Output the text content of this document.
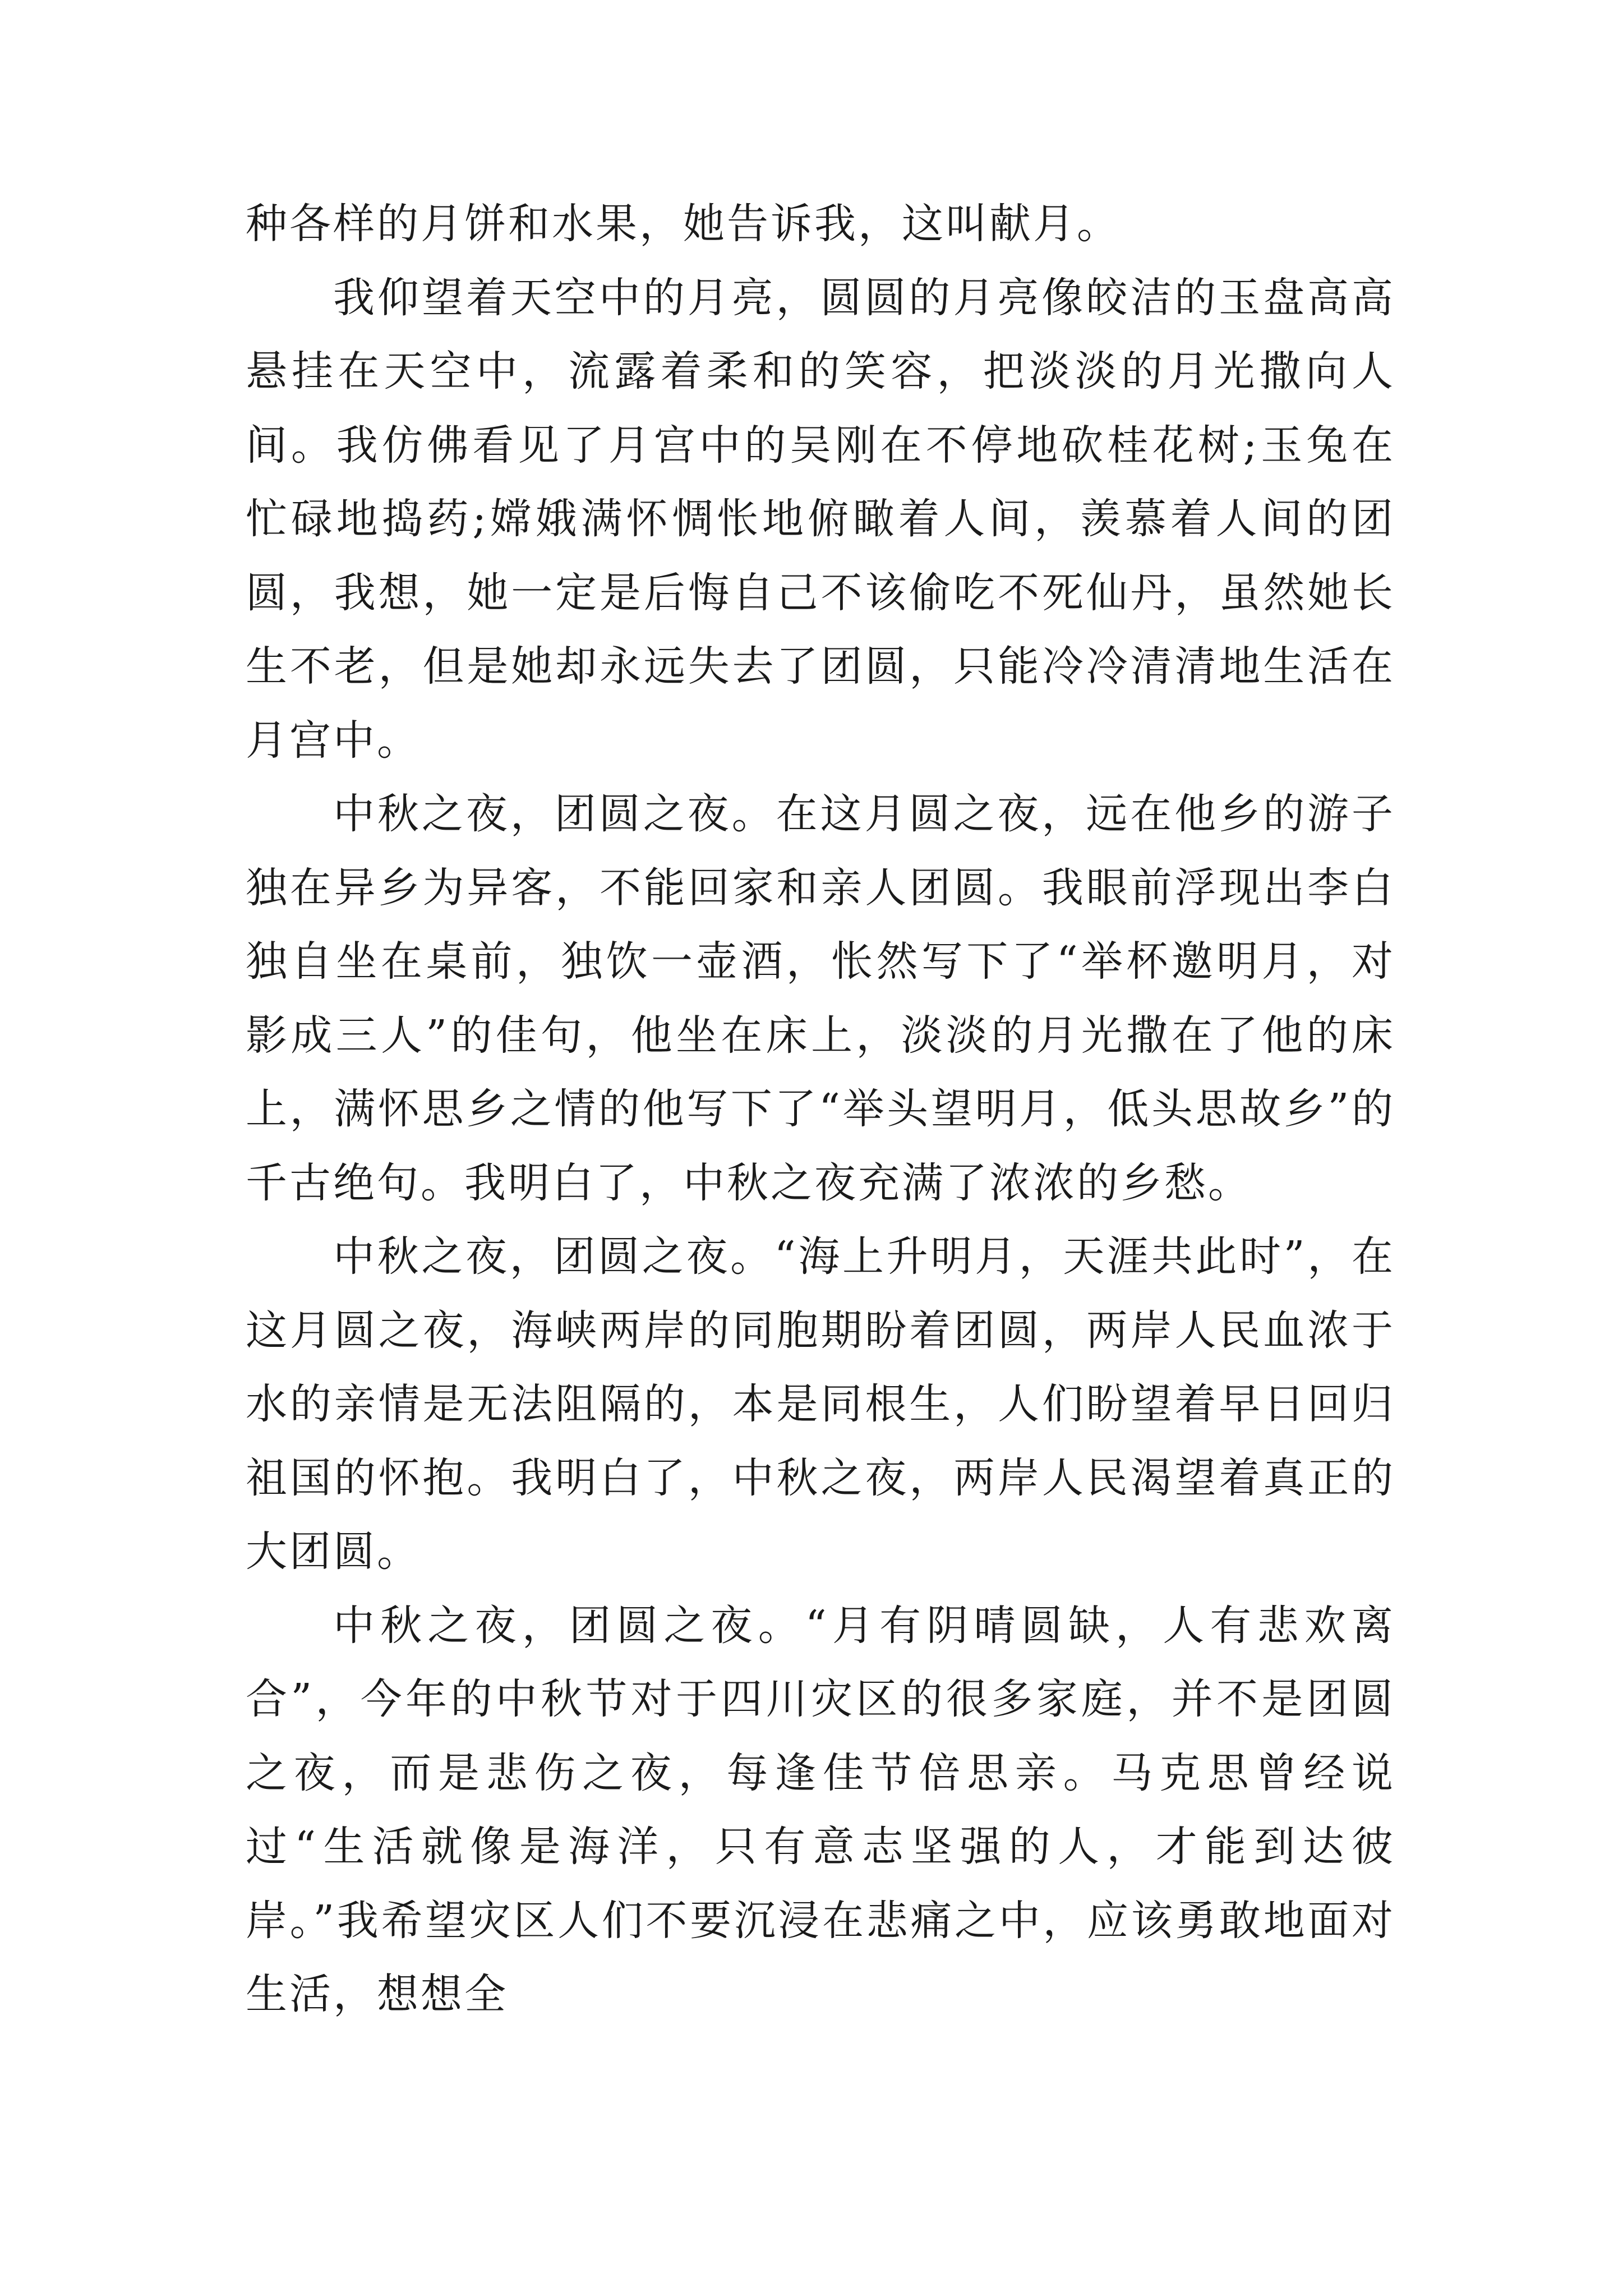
种各样的月饼和水果，她告诉我，这叫献月。

我仰望着天空中的月亮，圆圆的月亮像皎洁的玉盘高高悬挂在天空中，流露着柔和的笑容，把淡淡的月光撒向人间。我仿佛看见了月宫中的吴刚在不停地砍桂花树;玉兔在忙碌地捣药;嫦娥满怀惆怅地俯瞰着人间，羡慕着人间的团圆，我想，她一定是后悔自己不该偷吃不死仙丹，虽然她长生不老，但是她却永远失去了团圆，只能冷冷清清地生活在月宫中。

中秋之夜，团圆之夜。在这月圆之夜，远在他乡的游子独在异乡为异客，不能回家和亲人团圆。我眼前浮现出李白独自坐在桌前，独饮一壶酒，怅然写下了“举杯邀明月，对影成三人”的佳句，他坐在床上，淡淡的月光撒在了他的床上，满怀思乡之情的他写下了“举头望明月，低头思故乡”的千古绝句。我明白了，中秋之夜充满了浓浓的乡愁。

中秋之夜，团圆之夜。“海上升明月，天涯共此时”，在这月圆之夜，海峡两岸的同胞期盼着团圆，两岸人民血浓于水的亲情是无法阻隔的，本是同根生，人们盼望着早日回归祖国的怀抱。我明白了，中秋之夜，两岸人民渴望着真正的大团圆。

中秋之夜，团圆之夜。“月有阴晴圆缺，人有悲欢离合”，今年的中秋节对于四川灾区的很多家庭，并不是团圆之夜，而是悲伤之夜，每逢佳节倍思亲。马克思曾经说过“生活就像是海洋，只有意志坚强的人，才能到达彼岸。”我希望灾区人们不要沉浸在悲痛之中，应该勇敢地面对生活，想想全
